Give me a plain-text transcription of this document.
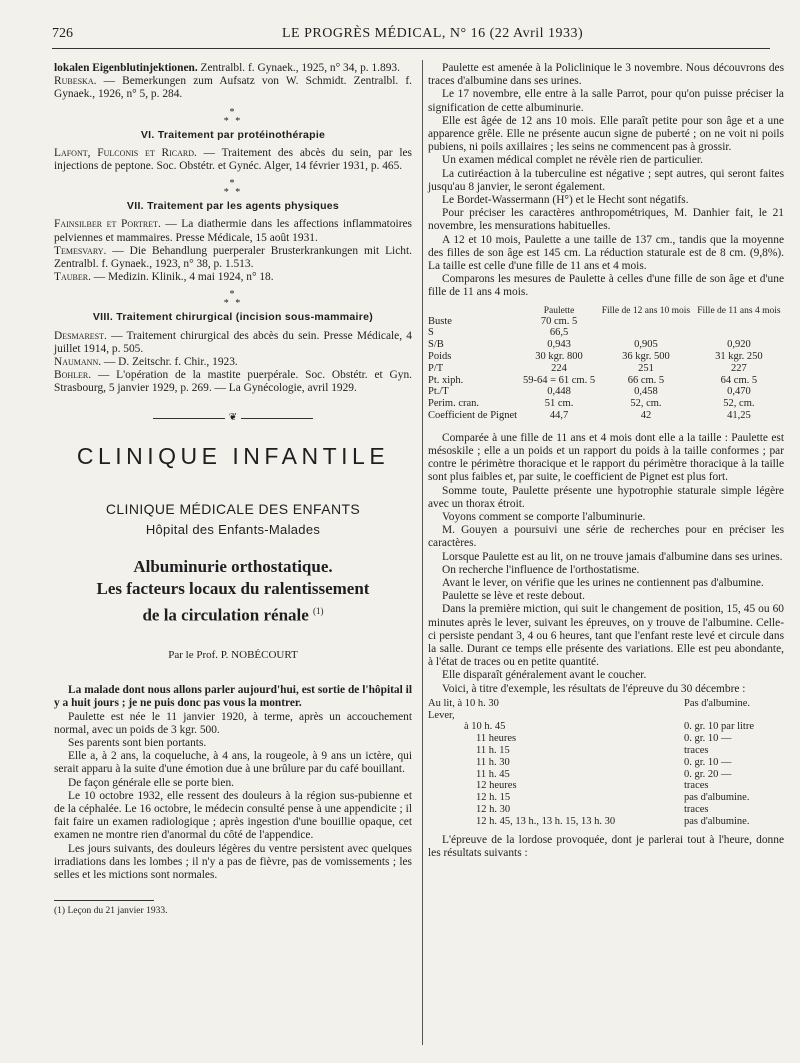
726	LE PROGRÈS MÉDICAL, N° 16 (22 Avril 1933)

lokalen Eigenblutinjektionen. Zentralbl. f. Gynaek., 1925, n° 34, p. 1.893.

Rubeska. — Bemerkungen zum Aufsatz von W. Schmidt. Zentralbl. f. Gynaek., 1926, n° 5, p. 284.

*
* *
VI. Traitement par protéinothérapie

Lafont, Fulconis et Ricard. — Traitement des abcès du sein, par les injections de peptone. Soc. Obstétr. et Gynéc. Alger, 14 février 1931, p. 465.

*
* *
VII. Traitement par les agents physiques

Fainsilber et Portret. — La diathermie dans les affections inflammatoires pelviennes et mammaires. Presse Médicale, 15 août 1931.

Temesvary. — Die Behandlung puerperaler Brusterkrankungen mit Licht. Zentralbl. f. Gynaek., 1923, n° 38, p. 1.513.

Tauber. — Medizin. Klinik., 4 mai 1924, n° 18.

*
* *
VIII. Traitement chirurgical (incision sous-mammaire)

Desmarest. — Traitement chirurgical des abcès du sein. Presse Médicale, 4 juillet 1914, p. 505.

Naumann. — D. Zeitschr. f. Chir., 1923.

Bohler. — L'opération de la mastite puerpérale. Soc. Obstétr. et Gyn. Strasbourg, 5 janvier 1929, p. 269. — La Gynécologie, avril 1929.

❦
CLINIQUE INFANTILE
CLINIQUE MÉDICALE DES ENFANTS
Hôpital des Enfants-Malades
Albuminurie orthostatique.
Les facteurs locaux du ralentissement
de la circulation rénale $^{(1)}$
Par le Prof. P. NOBÉCOURT

La malade dont nous allons parler aujourd'hui, est sortie de l'hôpital il y a huit jours ; je ne puis donc pas vous la montrer.

Paulette est née le 11 janvier 1920, à terme, après un accouchement normal, avec un poids de 3 kgr. 500.

Ses parents sont bien portants.

Elle a, à 2 ans, la coqueluche, à 4 ans, la rougeole, à 9 ans un ictère, qui serait apparu à la suite d'une émotion due à une brûlure par du café bouillant.

De façon générale elle se porte bien.

Le 10 octobre 1932, elle ressent des douleurs à la région sus-pubienne et de la céphalée. Le 16 octobre, le médecin consulté pense à une appendicite ; il fait faire un examen radiologique ; après ingestion d'une bouillie opaque, cet examen ne montre rien d'anormal du côté de l'appendice.

Les jours suivants, des douleurs légères du ventre persistent avec quelques irradiations dans les lombes ; il n'y a pas de fièvre, pas de vomissements ; les selles et les mictions sont normales.

(1) Leçon du 21 janvier 1933.

Paulette est amenée à la Policlinique le 3 novembre. Nous découvrons des traces d'albumine dans ses urines.

Le 17 novembre, elle entre à la salle Parrot, pour qu'on puisse préciser la signification de cette albuminurie.

Elle est âgée de 12 ans 10 mois. Elle paraît petite pour son âge et a une apparence grêle. Elle ne présente aucun signe de puberté ; on ne voit ni poils pubiens, ni poils axillaires ; les seins ne commencent pas à grossir.

Un examen médical complet ne révèle rien de particulier.

La cutiréaction à la tuberculine est négative ; sept autres, qui seront faites jusqu'au 8 janvier, le seront également.

Le Bordet-Wassermann (H°) et le Hecht sont négatifs.

Pour préciser les caractères anthropométriques, M. Danhier fait, le 21 novembre, les mensurations habituelles.

A 12 et 10 mois, Paulette a une taille de 137 cm., tandis que la moyenne des filles de son âge est 145 cm. La réduction staturale est de 8 cm. (9,8%). La taille est celle d'une fille de 11 ans et 4 mois.

Comparons les mesures de Paulette à celles d'une fille de son âge et d'une fille de 11 ans 4 mois.

	Paulette	Fille de 12 ans 10 mois	Fille de 11 ans 4 mois
Buste	70 cm. 5		
S	66,5		
S/B	0,943	0,905	0,920
Poids	30 kgr. 800	36 kgr. 500	31 kgr. 250
P/T	224	251	227
Pt. xiph.	59-64 = 61 cm. 5	66 cm. 5	64 cm. 5
Pt./T	0,448	0,458	0,470
Perim. cran.	51 cm.	52, cm.	52, cm.
Coefficient de Pignet	44,7	42	41,25

Comparée à une fille de 11 ans et 4 mois dont elle a la taille : Paulette est mésoskile ; elle a un poids et un rapport du poids à la taille conformes ; par contre le périmètre thoracique et le rapport du périmètre thoracique à la taille sont plus faibles et, par suite, le coefficient de Pignet est plus fort.

Somme toute, Paulette présente une hypotrophie staturale simple légère avec un thorax étroit.

Voyons comment se comporte l'albuminurie.

M. Gouyen a poursuivi une série de recherches pour en préciser les caractères.

Lorsque Paulette est au lit, on ne trouve jamais d'albumine dans ses urines.

On recherche l'influence de l'orthostatisme.

Avant le lever, on vérifie que les urines ne contiennent pas d'albumine.

Paulette se lève et reste debout.

Dans la première miction, qui suit le changement de position, 15, 45 ou 60 minutes après le lever, suivant les épreuves, on y trouve de l'albumine. Celle-ci persiste pendant 3, 4 ou 6 heures, tant que l'enfant reste levé et circule dans la salle. Durant ce temps elle présente des variations. Elle est peu abondante, à l'état de traces ou en petite quantité.

Elle disparaît généralement avant le coucher.

Voici, à titre d'exemple, les résultats de l'épreuve du 30 décembre :

Au lit, à 10 h. 30	Pas d'albumine.
Lever,	
à 10 h. 45	0. gr. 10 par litre
11 heures	0. gr. 10 —
11 h. 15	traces
11 h. 30	0. gr. 10 —
11 h. 45	0. gr. 20 —
12 heures	traces
12 h. 15	pas d'albumine.
12 h. 30	traces
12 h. 45, 13 h., 13 h. 15, 13 h. 30	pas d'albumine.

L'épreuve de la lordose provoquée, dont je parlerai tout à l'heure, donne les résultats suivants :
